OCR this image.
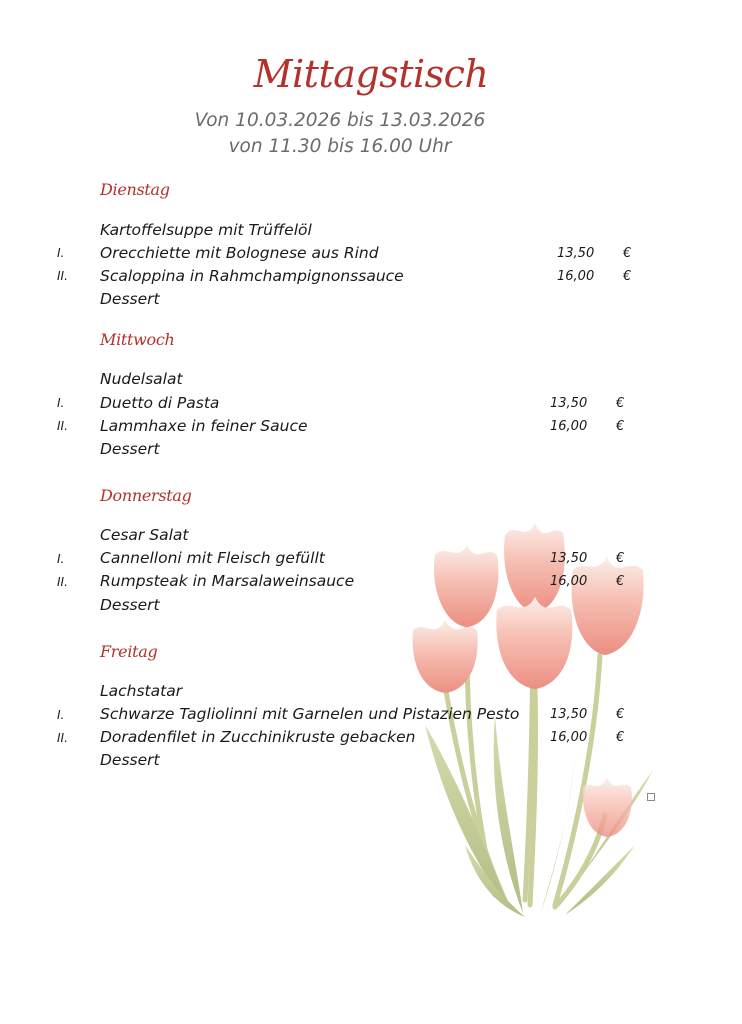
Mittagstisch
Von 10.03.2026 bis 13.03.2026
von 11.30 bis 16.00 Uhr
Dienstag
Kartoffelsuppe mit Trüffelöl
I. Orecchiette mit Bolognese aus Rind	13,50 €
II. Scaloppina in Rahmchampignonssauce	16,00 €
Dessert
Mittwoch
Nudelsalat
I. Duetto di Pasta	13,50 €
II. Lammhaxe in feiner Sauce	16,00 €
Dessert
Donnerstag
Cesar Salat
I. Cannelloni mit Fleisch gefüllt	13,50 €
II. Rumpsteak in Marsalaweinsauce	16,00 €
Dessert
Freitag
Lachstatar
I. Schwarze Tagliolinni mit Garnelen und Pistazien Pesto 13,50 €
II. Doradenfilet in Zucchinikruste gebacken	16,00 €
Dessert
